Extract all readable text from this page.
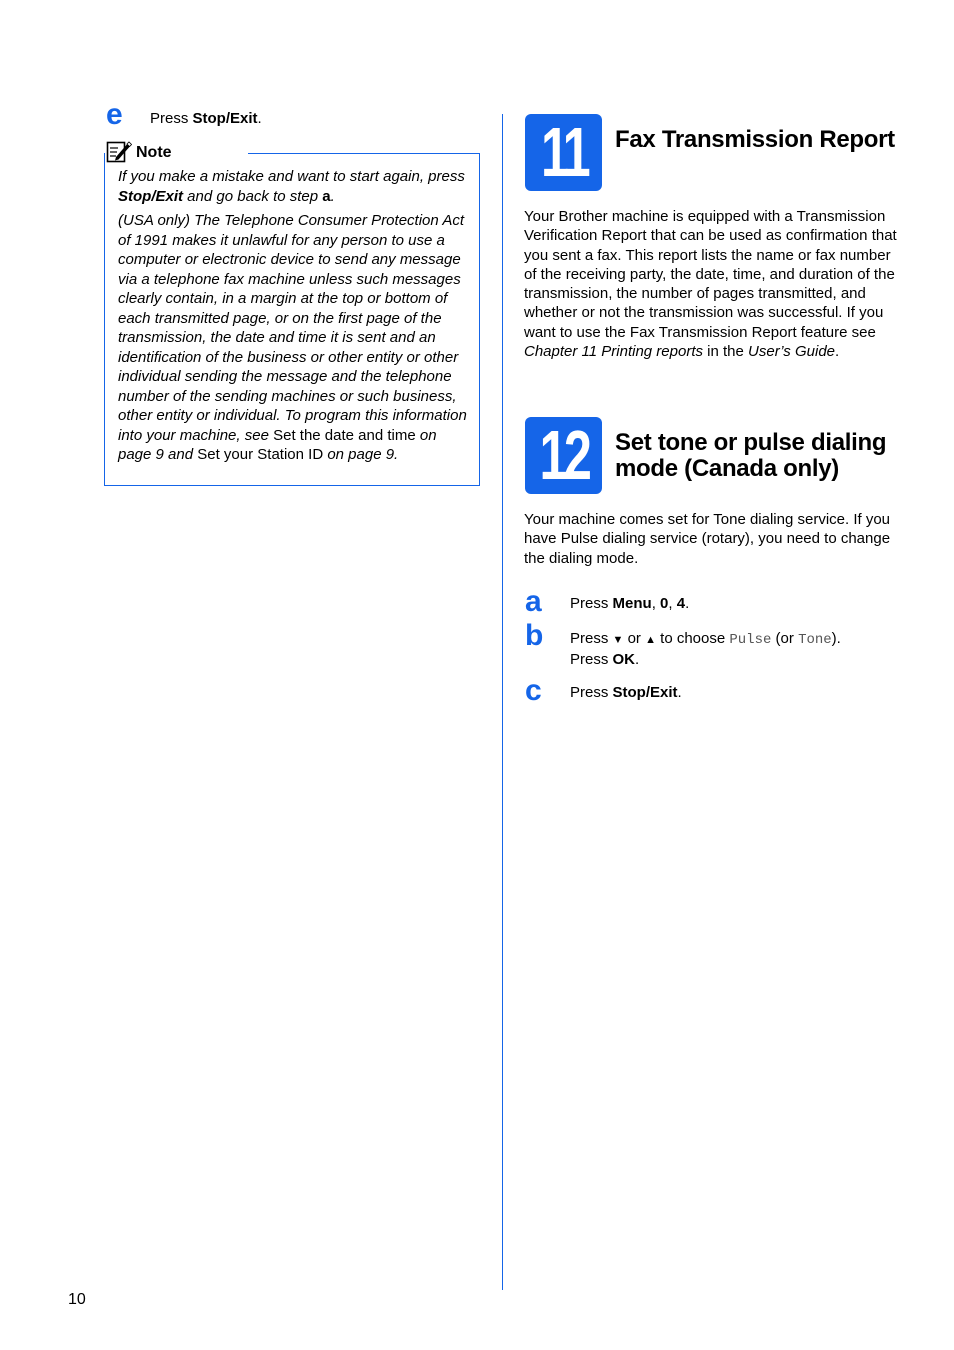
e Press Stop/Exit.
Note
If you make a mistake and want to start again, press Stop/Exit and go back to step a.
(USA only) The Telephone Consumer Protection Act of 1991 makes it unlawful for any person to use a computer or electronic device to send any message via a telephone fax machine unless such messages clearly contain, in a margin at the top or bottom of each transmitted page, or on the first page of the transmission, the date and time it is sent and an identification of the business or other entity or other individual sending the message and the telephone number of the sending machines or such business, other entity or individual. To program this information into your machine, see Set the date and time on page 9 and Set your Station ID on page 9.
11	Fax Transmission Report
Your Brother machine is equipped with a Transmission Verification Report that can be used as confirmation that you sent a fax. This report lists the name or fax number of the receiving party, the date, time, and duration of the transmission, the number of pages transmitted, and whether or not the transmission was successful. If you want to use the Fax Transmission Report feature see Chapter 11 Printing reports in the User’s Guide.
12	Set tone or pulse dialing
mode (Canada only)
Your machine comes set for Tone dialing service. If you have Pulse dialing service (rotary), you need to change the dialing mode.
a Press Menu, 0, 4.
b Press ▼ or ▲ to choose Pulse (or Tone).
Press OK.
c Press Stop/Exit.
10
